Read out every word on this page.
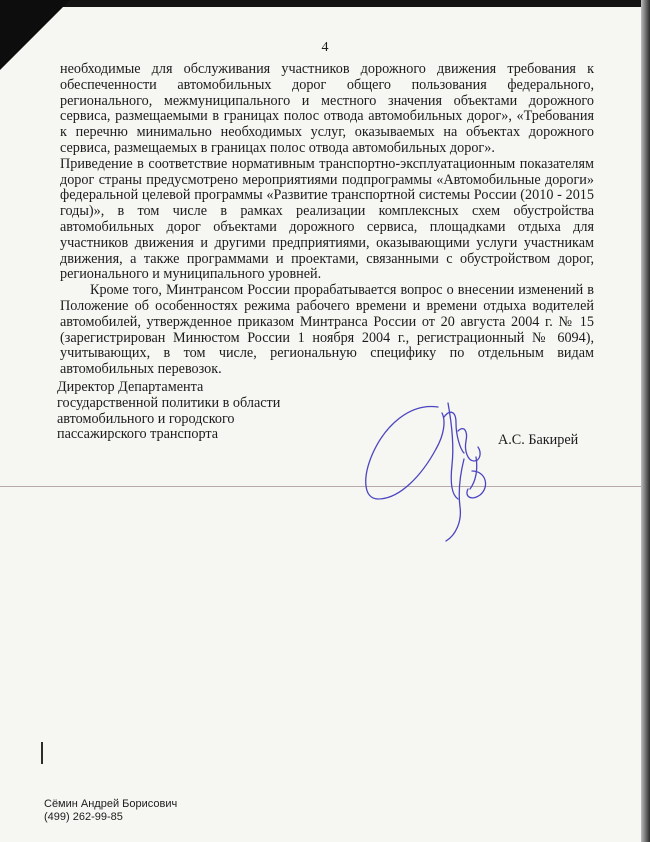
4

необходимые для обслуживания участников дорожного движения требования к обеспеченности автомобильных дорог общего пользования федерального, регионального, межмуниципального и местного значения объектами дорожного сервиса, размещаемыми в границах полос отвода автомобильных дорог», «Требования к перечню минимально необходимых услуг, оказываемых на объектах дорожного сервиса, размещаемых в границах полос отвода автомобильных дорог».

Приведение в соответствие нормативным транспортно-эксплуатационным показателям дорог страны предусмотрено мероприятиями подпрограммы «Автомобильные дороги» федеральной целевой программы «Развитие транспортной системы России (2010 - 2015 годы)», в том числе в рамках реализации комплексных схем обустройства автомобильных дорог объектами дорожного сервиса, площадками отдыха для участников движения и другими предприятиями, оказывающими услуги участникам движения, а также программами и проектами, связанными с обустройством дорог, регионального и муниципального уровней.

Кроме того, Минтрансом России прорабатывается вопрос о внесении изменений в Положение об особенностях режима рабочего времени и времени отдыха водителей автомобилей, утвержденное приказом Минтранса России от 20 августа 2004 г. № 15 (зарегистрирован Минюстом России 1 ноября 2004 г., регистрационный № 6094), учитывающих, в том числе, региональную специфику по отдельным видам автомобильных перевозок.

Директор Департамента
государственной политики в области
автомобильного и городского
пассажирского транспорта	А.С. Бакирей
Сёмин Андрей Борисович
(499) 262-99-85
